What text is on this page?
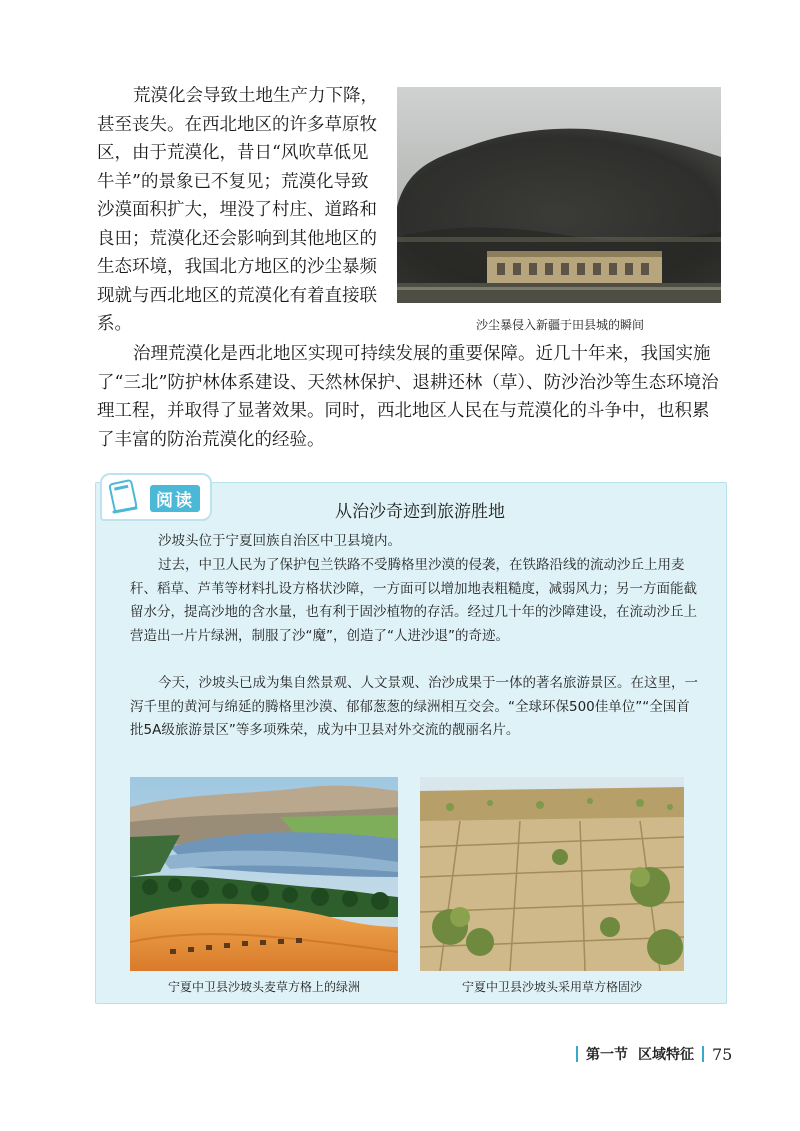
荒漠化会导致土地生产力下降，甚至丧失。在西北地区的许多草原牧区，由于荒漠化，昔日“风吹草低见牛羊”的景象已不复见；荒漠化导致沙漠面积扩大，埋没了村庄、道路和良田；荒漠化还会影响到其他地区的生态环境，我国北方地区的沙尘暴频现就与西北地区的荒漠化有着直接联系。	沙尘暴侵入新疆于田县城的瞬间

治理荒漠化是西北地区实现可持续发展的重要保障。近几十年来，我国实施了“三北”防护林体系建设、天然林保护、退耕还林（草）、防沙治沙等生态环境治理工程，并取得了显著效果。同时，西北地区人民在与荒漠化的斗争中，也积累了丰富的防治荒漠化的经验。

阅读
从治沙奇迹到旅游胜地

沙坡头位于宁夏回族自治区中卫县境内。

过去，中卫人民为了保护包兰铁路不受腾格里沙漠的侵袭，在铁路沿线的流动沙丘上用麦秆、稻草、芦苇等材料扎设方格状沙障，一方面可以增加地表粗糙度，减弱风力；另一方面能截留水分，提高沙地的含水量，也有利于固沙植物的存活。经过几十年的沙障建设，在流动沙丘上营造出一片片绿洲，制服了沙“魔”，创造了“人进沙退”的奇迹。

今天，沙坡头已成为集自然景观、人文景观、治沙成果于一体的著名旅游景区。在这里，一泻千里的黄河与绵延的腾格里沙漠、郁郁葱葱的绿洲相互交会。“全球环保500佳单位”“全国首批5A级旅游景区”等多项殊荣，成为中卫县对外交流的靓丽名片。

宁夏中卫县沙坡头麦草方格上的绿洲	宁夏中卫县沙坡头采用草方格固沙
第一节 区域特征 75
